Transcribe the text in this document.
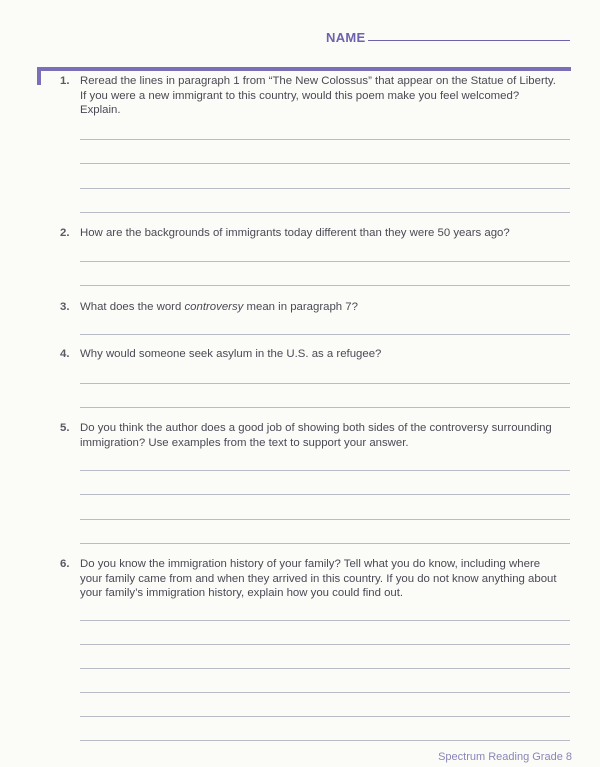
NAME
1. Reread the lines in paragraph 1 from “The New Colossus” that appear on the Statue of Liberty. If you were a new immigrant to this country, would this poem make you feel welcomed? Explain.
2. How are the backgrounds of immigrants today different than they were 50 years ago?
3. What does the word controversy mean in paragraph 7?
4. Why would someone seek asylum in the U.S. as a refugee?
5. Do you think the author does a good job of showing both sides of the controversy surrounding immigration? Use examples from the text to support your answer.
6. Do you know the immigration history of your family? Tell what you do know, including where your family came from and when they arrived in this country. If you do not know anything about your family’s immigration history, explain how you could find out.
Spectrum Reading Grade 8
